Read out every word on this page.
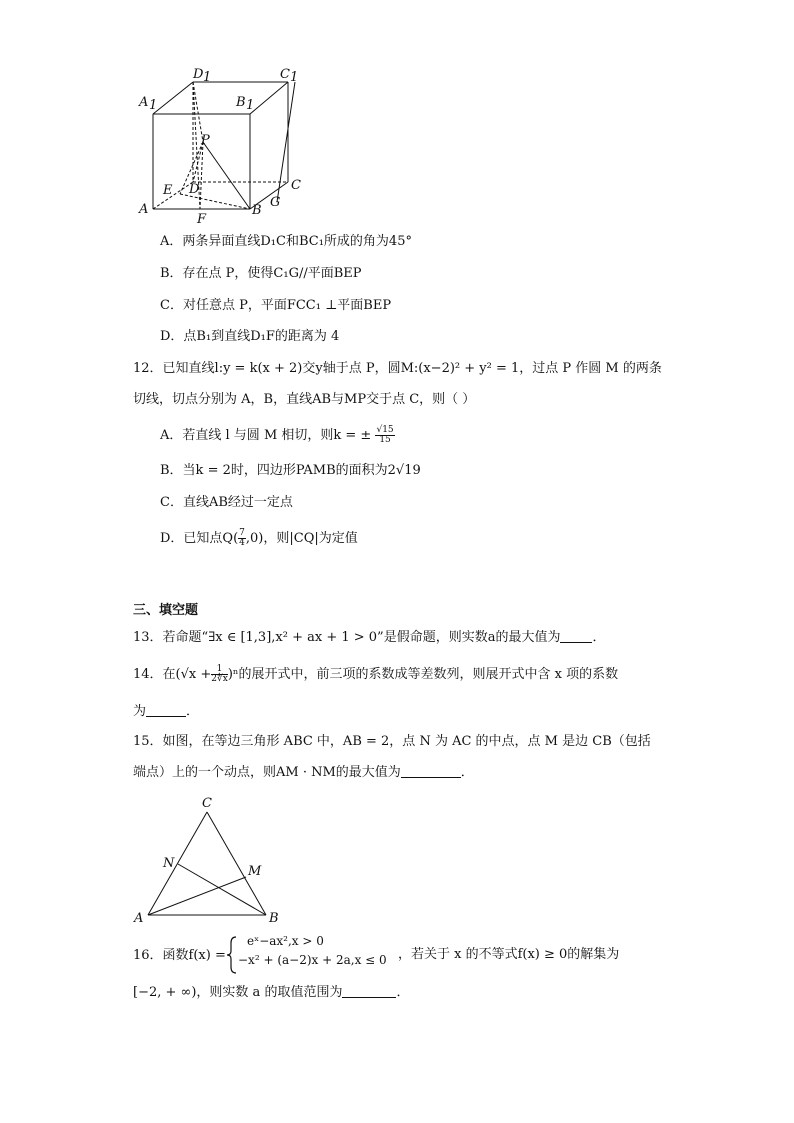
D 1	C 1
A 1	B 1
P
E D
A
F
B
G
C
A．两条异面直线D₁C和BC₁所成的角为45°
B．存在点 P，使得C₁G//平面BEP
C．对任意点 P，平面FCC₁ ⊥平面BEP
D．点B₁到直线D₁F的距离为 4
12．已知直线l:y = k(x + 2)交y轴于点 P，圆M:(x−2)² + y² = 1，过点 P 作圆 M 的两条
切线，切点分别为 A，B，直线AB与MP交于点 C，则（ ）
A．若直线 l 与圆 M 相切，则k = ± $\frac{√15}{15}$
B．当k = 2时，四边形PAMB的面积为2√19
C．直线AB经过一定点
D．已知点$Q( \frac{7}{4} ,0)$，则|CQ|为定值
三、填空题
13．若命题“∃x ∈ [1,3],x² + ax + 1 > 0”是假命题，则实数a的最大值为 ．
14．在$(√x + \frac{1}{2∜x} )^n$的展开式中，前三项的系数成等差数列，则展开式中含 x 项的系数
为	．
15．如图，在等边三角形 ABC 中，AB = 2，点 N 为 AC 的中点，点 M 是边 CB（包括
端点）上的一个动点，则AM · NM的最大值为	．
C
N
M
A	B
16．函数f(x) =
eˣ−ax²,x > 0
−x² + (a−2)x + 2a,x ≤ 0 ，若关于 x 的不等式f(x) ≥ 0的解集为
[−2, + ∞)，则实数 a 的取值范围为	．
